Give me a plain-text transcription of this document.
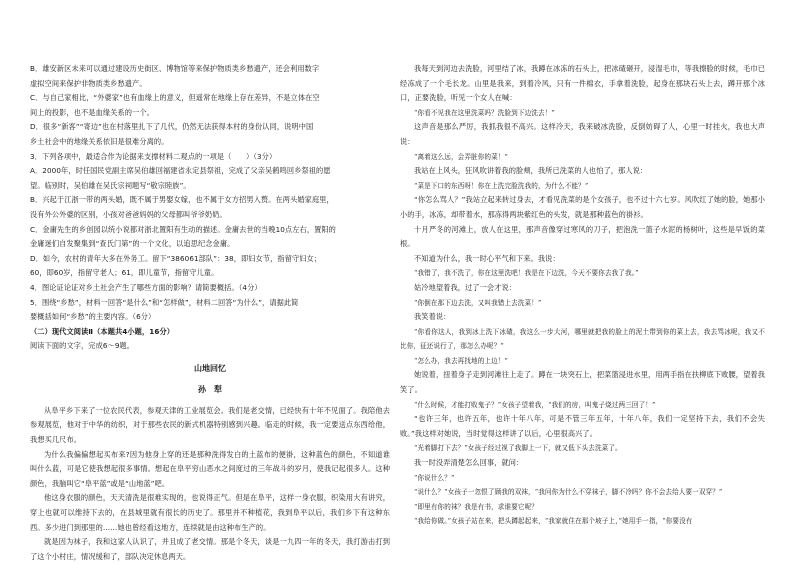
B．雄安新区未来可以通过建设历史街区、博物馆等来保护物质类乡愁遗产，还会利用数字

虚拟空间来保护非物质类乡愁遗产。

C．与自己家相比，“外婆家”也有血缘上的意义，但遥常在地缘上存在差异，不是立体在空

间上的投影，也不是血缘关系的一个。

D．很多“新客”“寄边”也在村落里扎下了几代，仍然无法获得本村的身份认同，说明中国

乡土社会中的地缘关系依旧是很难分离的。

3．下列各项中，最适合作为论据来支撑材料二观点的一项是（　　）（3分）

A．2000年，时任国民党副主席吴伯雄回福建省永定县祭祖，完成了父亲吴鹤鸣回乡祭祖的愿

望。临别时，吴伯雄在吴氏宗祠题写“敬宗睦族”。

B．兴起于江浙一带的两头婚，既不属于男娶女嫁，也不属于女方招男入赘。在两头婚家庭里，

没有外公外婆的区别，小孩对爸爸妈妈的父母都叫爷爷奶奶。

C．金庸先生的乡创园以统小说都对浙北置阳有生动的描述。金庸去世的当晚10点左右，置阳的

金庸迷们自发聚集到“查氏门第”的一个文化，以追思纪念金庸。

D．如今，农村的青年大多在外务工。留下“386061部队”：38，即妇女节，指留守妇女；

60，即60岁，指留守老人；61，即儿童节，指留守儿童。

4．图论证论证对乡土社会产生了哪些方面的影响？请简要概括。（4分）

5．围绕“乡愁”，材料一回答“是什么”和“怎样做”，材料二回答“为什么”，请据此简

要概括如何“乡愁”的主要内容。（6分）

（二）现代文阅读Ⅱ（本题共4小题，16分）

阅读下面的文字，完成6～9题。

山地回忆

孙　犁

从阜平乡下来了一位农民代表，参观天津的工业展览会。我们是老交情，已经快有十年不见面了。我陪他去参观展览，他对于中华的纺织，对于那些农民的新式机器特别感到兴趣。临走的时候，我一定要送点东西给他，我想买几尺布。

为什么我偏偏想起买布来?因为他身上穿的还是那种洗得发白的土蓝布的便褂，这种蓝色的颜色，不知道谁叫什么蓝，可是它使我想起很多事情。想起在阜平穷山恶水之间度过的三年战斗的岁月，使我记起很多人。这种颜色，我脑叫它“阜平蓝”或是“山地蓝”吧。

他这身衣服的颜色，天天清洗是很难实现的，也说得正气。但是在阜平，这样一身衣服，织染用大有讲究，穿上也就可以维持下去的，在县城里就有很长的历史了。那里并不种植花，我到阜平以后，我们乡下有这种东西。多少进门到那里的……她也曾经看这地方，连续就是由这种布生产的。

就是因为袜子，我和这家人认识了，并且成了老交情。那是个冬天，谈是一九四一年的冬天，我打游击打到了这个小村庄，情况缓和了，部队决定休息两天。

我每天到河边去洗脸，河里结了冰，我蹲在冰冻的石头上，把冰碴砸开，浸湿毛巾，等我擦脸的时候，毛巾已经冻成了一个毛长龙。山里是我来，到着冷风，只有一件棉衣，手拿着洗脸，起身在那块石头上去，蹲开那个冰口，正要洗脸，听见一个女人在喊：

“你看不见我在这里洗菜吗？洗脸到下边洗去！”

这声音是那么严厉，我抓我很不高兴。这样冷天，我来破冰洗脸，反倒妨碍了人，心里一时挂火，我也大声说：

“离着这么远，会弄脏你的菜！”

我站在上风头，狂风吹讲着我的脸颊，我所已洗菜的人也怕了，那人说：

“菜是下口的东西呀！你在上洗完脸洗我的，为什么不能？”

“你怎么骂人？”我站立起来转过身去，才看见洗菜的是个女孩子，也不过十六七岁。风吹红了她的脸，她那小小的手，冰冻，却带着水，那冻得两块紫红色的头发，就是那种蓝色的褂衫。

十月严冬的河滩上，放人在这里，那声音像穿过寒风的刀子，把泡洗一篮子水泥的杨树叶，这些是早饭的菜根。

不知道为什么，我一时心平气和下来。我说：

“我错了，我不洗了，你在这里洗吧！我是在下边洗，今天不要你去我了我。”

姑冷地望着我，过了一会才说：

“你倒在那下边去洗，又叫我错上去洗菜！”

我笑着说：

“你看你这人，我到冰上洗下冰碴，我这么一步大河，哪里就把我的脸上的泥土带到你的菜上去，我去骂冰呢，我又不比你，征还说行了，那怎么办呢？”

“怎么办，我去再找地的上边！”

她说着，扭着身子走到河滩往上走了。蹲在一块突石上，把菜篮浸进水里，用两手指在扶柳底下败腰，望着我笑了。

“什么时候，才能打败鬼子？”女孩子望着我，“我们的房，叫鬼子烧过两三回了！”

“也许三年，也许五年，也许十年八年，可是不管三年五年，十年八年，我们一定坚持下去，我们不会失败。”我这样对她说，当时觉得这样讲了以后，心里很高兴了。

“光着脚打下去？”女孩子经过视了我脚上一下，就又低下头去洗菜了。

我一时没弄清楚怎么回事，就问：

“你说什么？”

“说什么？”女孩子一忽恨了顾我的双袜，“我问你为什么不穿袜子，脚不冷吗？你不会去给人要一双穿？”

“即里有你的袜？我是有书，求谁要它呢？

“我给你做。”女孩子站在来，把头蹲起起来，“我家就住在那个坡子上，”她用手一指，“你要没有
